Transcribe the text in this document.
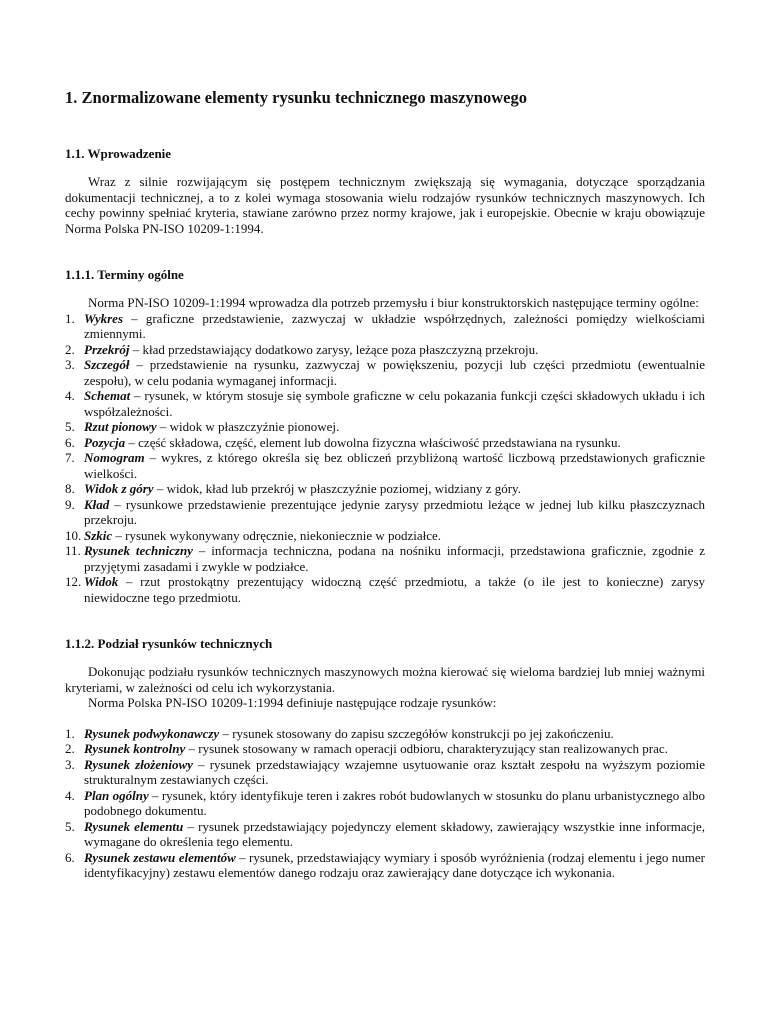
1. Znormalizowane elementy rysunku technicznego maszynowego
1.1. Wprowadzenie

Wraz z silnie rozwijającym się postępem technicznym zwiększają się wymagania, dotyczące sporządzania dokumentacji technicznej, a to z kolei wymaga stosowania wielu rodzajów rysunków technicznych maszynowych. Ich cechy powinny spełniać kryteria, stawiane zarówno przez normy krajowe, jak i europejskie. Obecnie w kraju obowiązuje Norma Polska PN-ISO 10209-1:1994.

1.1.1. Terminy ogólne

Norma PN-ISO 10209-1:1994 wprowadza dla potrzeb przemysłu i biur konstruktorskich następujące terminy ogólne:

1. Wykres – graficzne przedstawienie, zazwyczaj w układzie współrzędnych, zależności pomiędzy wielkościami zmiennymi.
2. Przekrój – kład przedstawiający dodatkowo zarysy, leżące poza płaszczyzną przekroju.
3. Szczegół – przedstawienie na rysunku, zazwyczaj w powiększeniu, pozycji lub części przedmiotu (ewentualnie zespołu), w celu podania wymaganej informacji.
4. Schemat – rysunek, w którym stosuje się symbole graficzne w celu pokazania funkcji części składowych układu i ich współzależności.
5. Rzut pionowy – widok w płaszczyźnie pionowej.
6. Pozycja – część składowa, część, element lub dowolna fizyczna właściwość przedstawiana na rysunku.
7. Nomogram – wykres, z którego określa się bez obliczeń przybliżoną wartość liczbową przedstawionych graficznie wielkości.
8. Widok z góry – widok, kład lub przekrój w płaszczyźnie poziomej, widziany z góry.
9. Kład – rysunkowe przedstawienie prezentujące jedynie zarysy przedmiotu leżące w jednej lub kilku płaszczyznach przekroju.
10. Szkic – rysunek wykonywany odręcznie, niekoniecznie w podziałce.
11. Rysunek techniczny – informacja techniczna, podana na nośniku informacji, przedstawiona graficznie, zgodnie z przyjętymi zasadami i zwykle w podziałce.
12. Widok – rzut prostokątny prezentujący widoczną część przedmiotu, a także (o ile jest to konieczne) zarysy niewidoczne tego przedmiotu.
1.1.2. Podział rysunków technicznych

Dokonując podziału rysunków technicznych maszynowych można kierować się wieloma bardziej lub mniej ważnymi kryteriami, w zależności od celu ich wykorzystania.

Norma Polska PN-ISO 10209-1:1994 definiuje następujące rodzaje rysunków:

1. Rysunek podwykonawczy – rysunek stosowany do zapisu szczegółów konstrukcji po jej zakończeniu.
2. Rysunek kontrolny – rysunek stosowany w ramach operacji odbioru, charakteryzujący stan realizowanych prac.
3. Rysunek złożeniowy – rysunek przedstawiający wzajemne usytuowanie oraz kształt zespołu na wyższym poziomie strukturalnym zestawianych części.
4. Plan ogólny – rysunek, który identyfikuje teren i zakres robót budowlanych w stosunku do planu urbanistycznego albo podobnego dokumentu.
5. Rysunek elementu – rysunek przedstawiający pojedynczy element składowy, zawierający wszystkie inne informacje, wymagane do określenia tego elementu.
6. Rysunek zestawu elementów – rysunek, przedstawiający wymiary i sposób wyróżnienia (rodzaj elementu i jego numer identyfikacyjny) zestawu elementów danego rodzaju oraz zawierający dane dotyczące ich wykonania.
